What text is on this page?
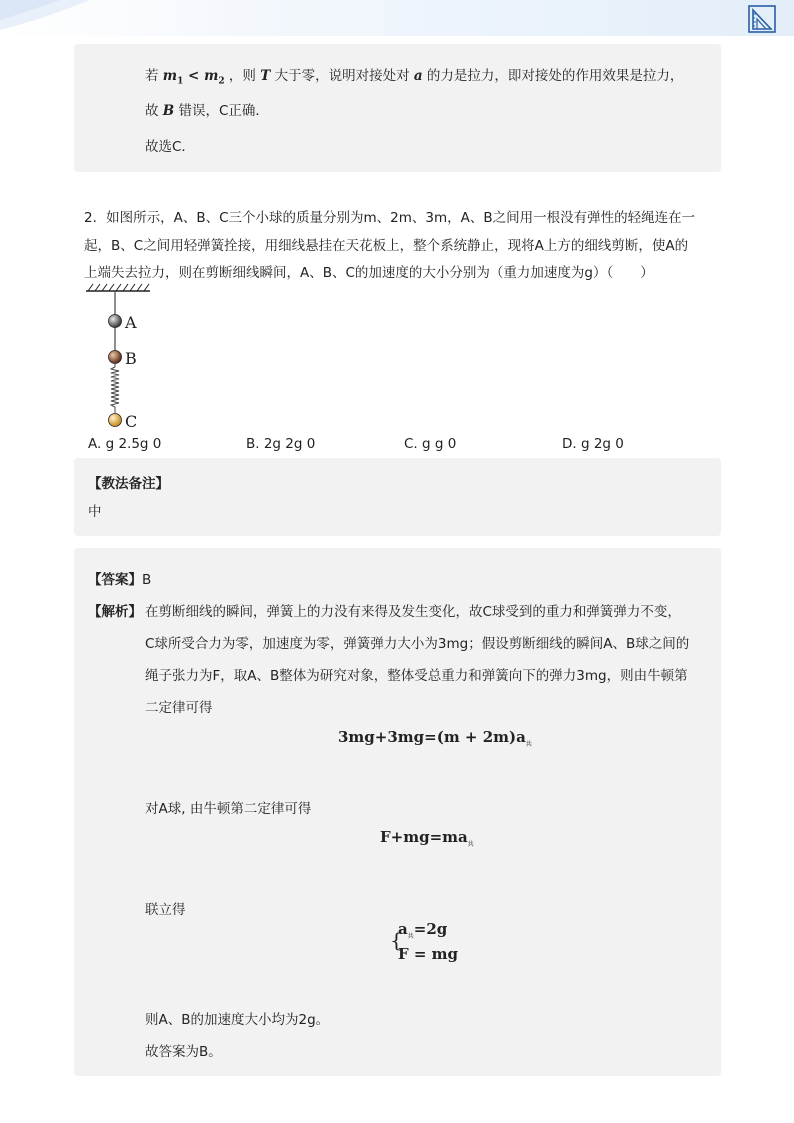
若 $m_1 < m_2$ ，则 T 大于零，说明对接处对 a 的力是拉力，即对接处的作用效果是拉力，
故 B 错误，C正确．
故选C．
2．如图所示，A、B、C三个小球的质量分别为m、2m、3m，A、B之间用一根没有弹性的轻绳连在一
起，B、C之间用轻弹簧拴接，用细线悬挂在天花板上，整个系统静止，现将A上方的细线剪断，使A的
上端失去拉力，则在剪断细线瞬间，A、B、C的加速度的大小分别为（重力加速度为g）（　　）
A
B
C
A. g 2.5g 0	B. 2g 2g 0	C. g g 0	D. g 2g 0
【教法备注】
中
【答案】B
【解析】 在剪断细线的瞬间，弹簧上的力没有来得及发生变化，故C球受到的重力和弹簧弹力不变，
C球所受合力为零，加速度为零，弹簧弹力大小为3mg；假设剪断细线的瞬间A、B球之间的
绳子张力为F，取A、B整体为研究对象，整体受总重力和弹簧向下的弹力3mg，则由牛顿第
二定律可得
$3mg+3mg=(m + 2m)a_共$
对A球, 由牛顿第二定律可得
$F+mg=ma_共$
联立得
{
$a_共=2g$
F = mg
则A、B的加速度大小均为2g。
故答案为B。
